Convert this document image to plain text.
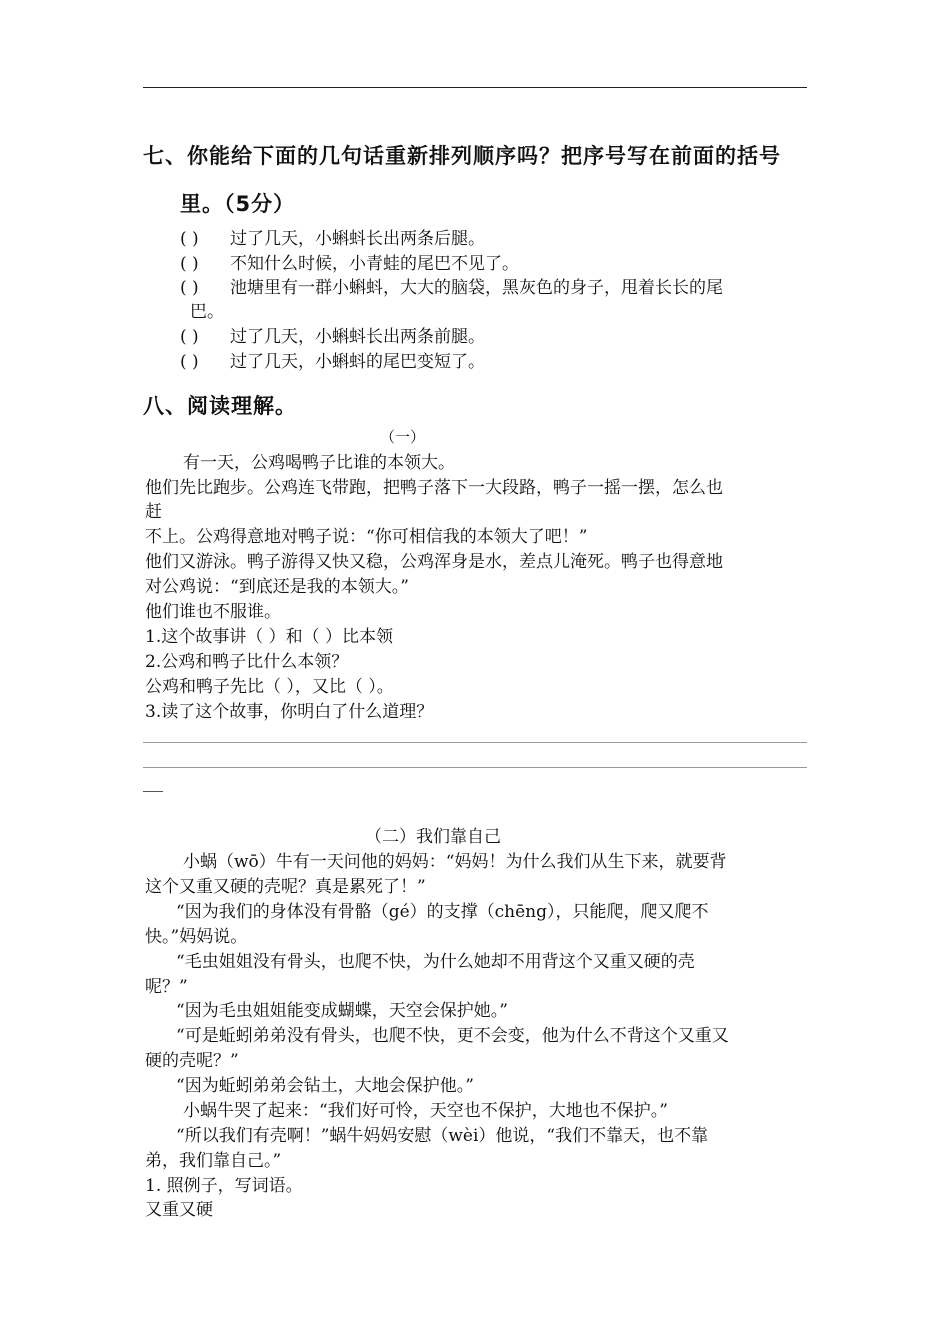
七、你能给下面的几句话重新排列顺序吗？把序号写在前面的括号
里。（5分）
( ) 过了几天，小蝌蚪长出两条后腿。
( ) 不知什么时候，小青蛙的尾巴不见了。
( ) 池塘里有一群小蝌蚪，大大的脑袋，黑灰色的身子，甩着长长的尾
巴。
( ) 过了几天，小蝌蚪长出两条前腿。
( ) 过了几天，小蝌蚪的尾巴变短了。
八、阅读理解。
（一）
有一天，公鸡喝鸭子比谁的本领大。
他们先比跑步。公鸡连飞带跑，把鸭子落下一大段路，鸭子一摇一摆，怎么也
赶
不上。公鸡得意地对鸭子说：“你可相信我的本领大了吧！”
他们又游泳。鸭子游得又快又稳，公鸡浑身是水，差点儿淹死。鸭子也得意地
对公鸡说：“到底还是我的本领大。”
他们谁也不服谁。
1.这个故事讲（ ）和（ ）比本领
2.公鸡和鸭子比什么本领？
公鸡和鸭子先比（ ），又比（ ）。
3.读了这个故事，你明白了什么道理？
（二）我们靠自己
小蜗（wō）牛有一天问他的妈妈：“妈妈！为什么我们从生下来，就要背
这个又重又硬的壳呢？真是累死了！”
“因为我们的身体没有骨骼（gé）的支撑（chēng），只能爬，爬又爬不
快。”妈妈说。
“毛虫姐姐没有骨头，也爬不快，为什么她却不用背这个又重又硬的壳
呢？”
“因为毛虫姐姐能变成蝴蝶，天空会保护她。”
“可是蚯蚓弟弟没有骨头，也爬不快，更不会变，他为什么不背这个又重又
硬的壳呢？”
“因为蚯蚓弟弟会钻土，大地会保护他。”
小蜗牛哭了起来：“我们好可怜，天空也不保护，大地也不保护。”
“所以我们有壳啊！”蜗牛妈妈安慰（wèi）他说，“我们不靠天，也不靠
弟，我们靠自己。”
1. 照例子，写词语。
又重又硬
